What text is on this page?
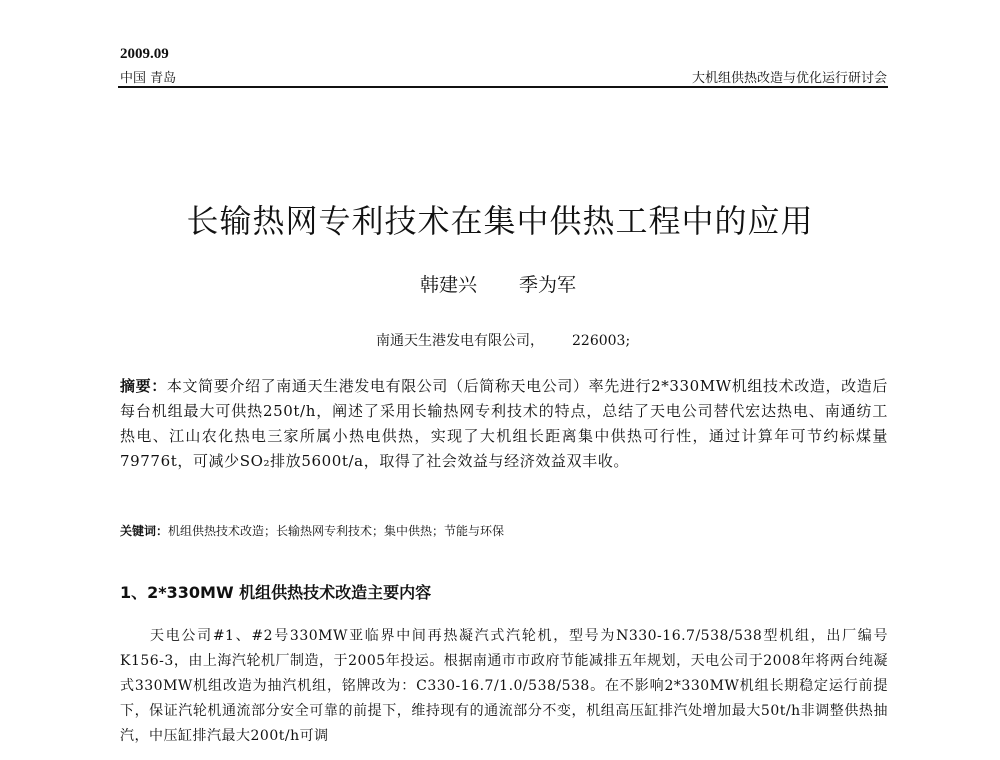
2009.09
中国 青岛	大机组供热改造与优化运行研讨会
长输热网专利技术在集中供热工程中的应用
韩建兴 季为军
南通天生港发电有限公司， 226003;
摘要：本文简要介绍了南通天生港发电有限公司（后简称天电公司）率先进行2*330MW机组技术改造，改造后每台机组最大可供热250t/h，阐述了采用长输热网专利技术的特点，总结了天电公司替代宏达热电、南通纺工热电、江山农化热电三家所属小热电供热，实现了大机组长距离集中供热可行性，通过计算年可节约标煤量79776t，可减少SO₂排放5600t/a，取得了社会效益与经济效益双丰收。
关键词：机组供热技术改造；长输热网专利技术；集中供热；节能与环保
1、2*330MW 机组供热技术改造主要内容

天电公司#1、#2号330MW亚临界中间再热凝汽式汽轮机，型号为N330-16.7/538/538型机组，出厂编号K156-3，由上海汽轮机厂制造，于2005年投运。根据南通市市政府节能减排五年规划，天电公司于2008年将两台纯凝式330MW机组改造为抽汽机组，铭牌改为：C330-16.7/1.0/538/538。在不影响2*330MW机组长期稳定运行前提下，保证汽轮机通流部分安全可靠的前提下，维持现有的通流部分不变，机组高压缸排汽处增加最大50t/h非调整供热抽汽，中压缸排汽最大200t/h可调
